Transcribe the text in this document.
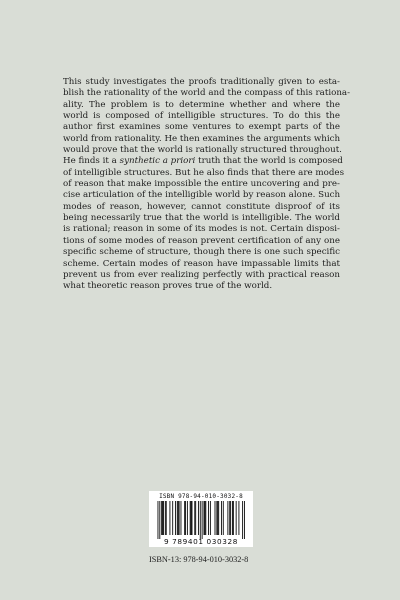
This study investigates the proofs traditionally given to esta-
blish the rationality of the world and the compass of this rationa-
ality. The problem is to determine whether and where the
world is composed of intelligible structures. To do this the
author first examines some ventures to exempt parts of the
world from rationality. He then examines the arguments which
would prove that the world is rationally structured throughout.
He finds it a synthetic a priori truth that the world is composed
of intelligible structures. But he also finds that there are modes
of reason that make impossible the entire uncovering and pre-
cise articulation of the intelligible world by reason alone. Such
modes of reason, however, cannot constitute disproof of its
being necessarily true that the world is intelligible. The world
is rational; reason in some of its modes is not. Certain disposi-
tions of some modes of reason prevent certification of any one
specific scheme of structure, though there is one such specific
scheme. Certain modes of reason have impassable limits that
prevent us from ever realizing perfectly with practical reason
what theoretic reason proves true of the world.
ISBN 978-94-010-3032-8
9 789401 030328
ISBN-13: 978-94-010-3032-8
